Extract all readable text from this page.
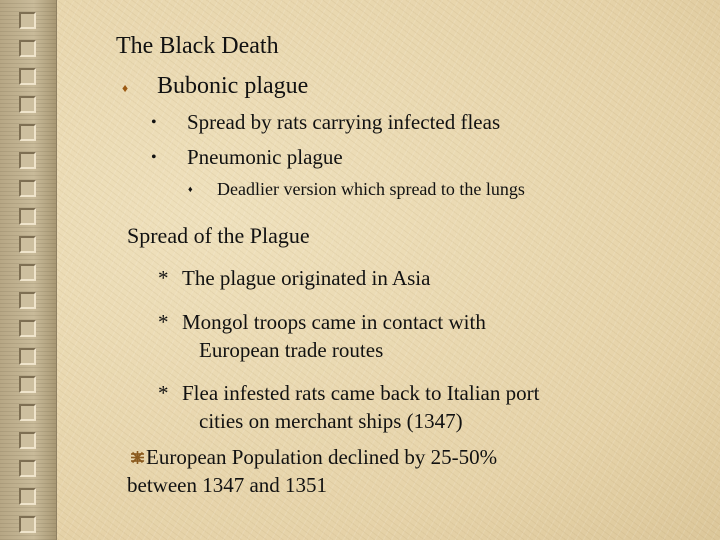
The Black Death
♦ Bubonic plague
• Spread by rats carrying infected fleas
• Pneumonic plague
♦ Deadlier version which spread to the lungs
Spread of the Plague
* The plague originated in Asia
* Mongol troops came in contact with
European trade routes
* Flea infested rats came back to Italian port
cities on merchant ships (1347)
European Population declined by 25-50%
between 1347 and 1351
